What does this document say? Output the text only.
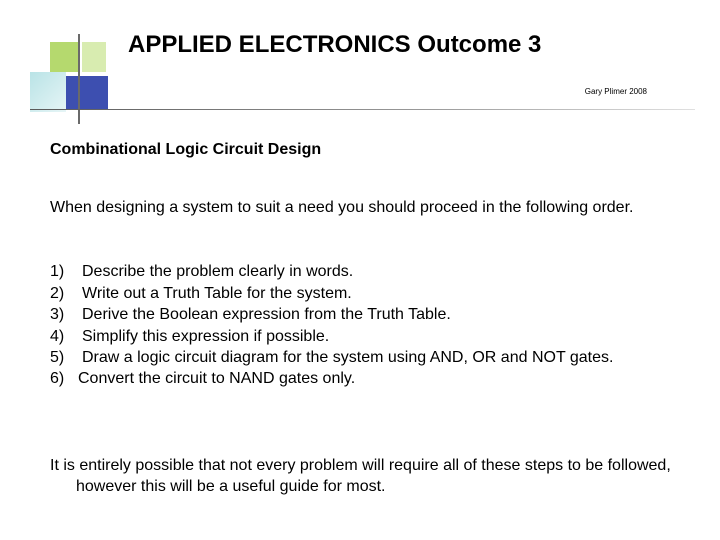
APPLIED ELECTRONICS Outcome 3
Gary Plimer 2008
Combinational Logic Circuit Design
When designing a system to suit a need you should proceed in the following order.
1) Describe the problem clearly in words.
2) Write out a Truth Table for the system.
3) Derive the Boolean expression from the Truth Table.
4) Simplify this expression if possible.
5) Draw a logic circuit diagram for the system using AND, OR and NOT gates.
6) Convert the circuit to NAND gates only.
It is entirely possible that not every problem will require all of these steps to be followed, however this will be a useful guide for most.
